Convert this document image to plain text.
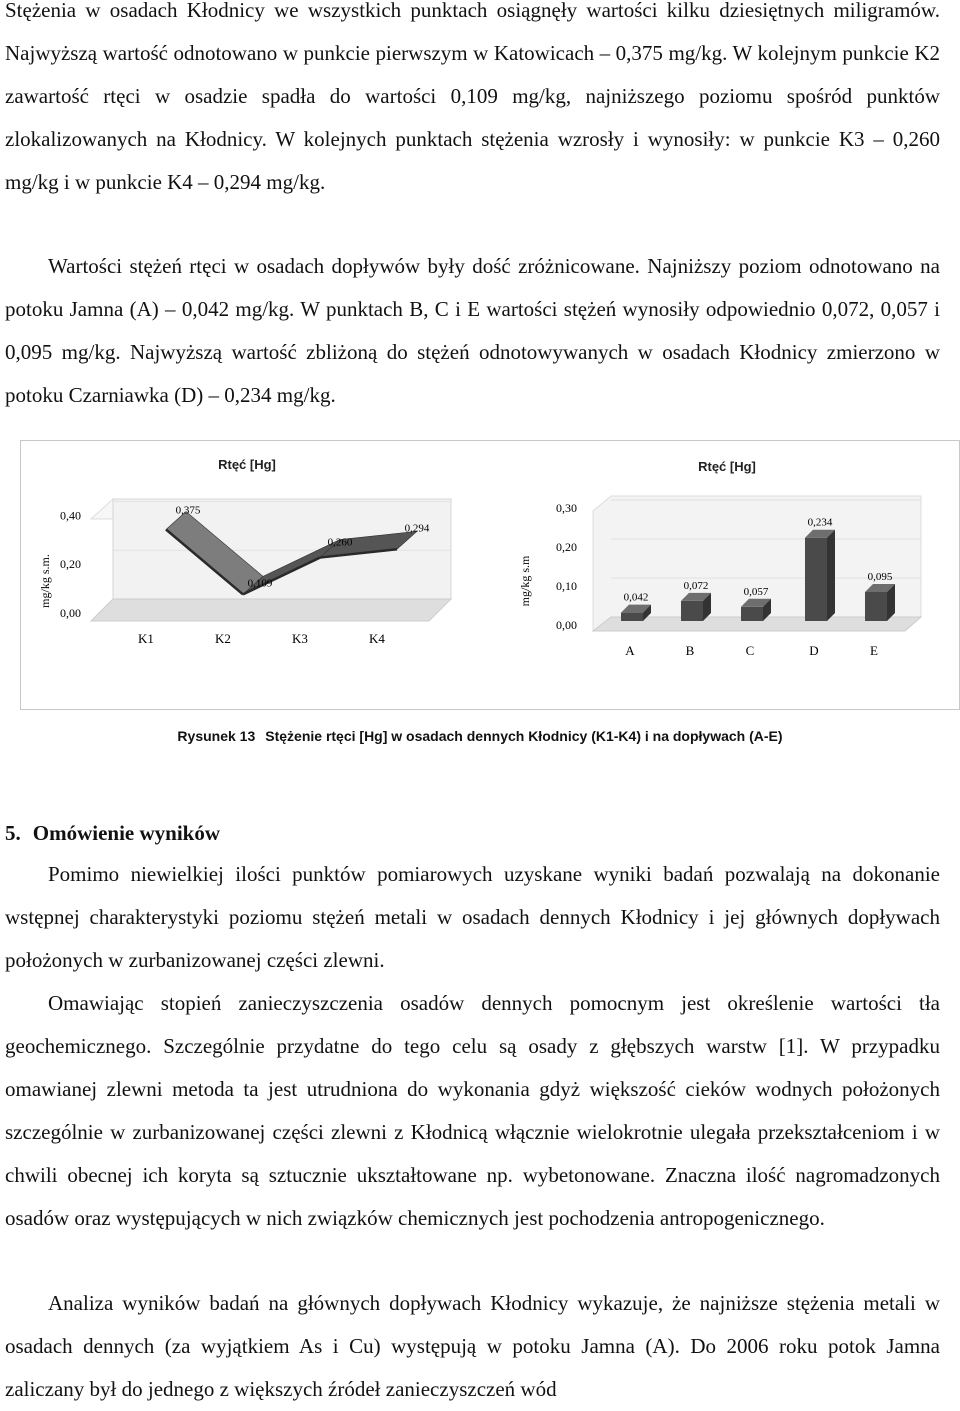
Stężenia w osadach Kłodnicy we wszystkich punktach osiągnęły wartości kilku dziesiętnych miligramów. Najwyższą wartość odnotowano w punkcie pierwszym w Katowicach – 0,375 mg/kg. W kolejnym punkcie K2 zawartość rtęci w osadzie spadła do wartości 0,109 mg/kg, najniższego poziomu spośród punktów zlokalizowanych na Kłodnicy. W kolejnych punktach stężenia wzrosły i wynosiły: w punkcie K3 – 0,260 mg/kg i w punkcie K4 – 0,294 mg/kg.
Wartości stężeń rtęci w osadach dopływów były dość zróżnicowane. Najniższy poziom odnotowano na potoku Jamna (A) – 0,042 mg/kg. W punktach B, C i E wartości stężeń wynosiły odpowiednio 0,072, 0,057 i 0,095 mg/kg. Najwyższą wartość zbliżoną do stężeń odnotowywanych w osadach Kłodnicy zmierzono w potoku Czarniawka (D) – 0,234 mg/kg.
Rtęć [Hg]
mg/kg s.m.
0,375
0,109
0,260
0,294
0,00
0,20
0,40
K1	K2	K3	K4
Rtęć [Hg]
mg/kg s.m	0,042
0,072	0,057
0,234
0,095
0,00
0,10
0,20
0,30
A	B	C	D	E
Rysunek 13 Stężenie rtęci [Hg] w osadach dennych Kłodnicy (K1-K4) i na dopływach (A-E)
5. Omówienie wyników
Pomimo niewielkiej ilości punktów pomiarowych uzyskane wyniki badań pozwalają na dokonanie wstępnej charakterystyki poziomu stężeń metali w osadach dennych Kłodnicy i jej głównych dopływach położonych w zurbanizowanej części zlewni.
Omawiając stopień zanieczyszczenia osadów dennych pomocnym jest określenie wartości tła geochemicznego. Szczególnie przydatne do tego celu są osady z głębszych warstw [1]. W przypadku omawianej zlewni metoda ta jest utrudniona do wykonania gdyż większość cieków wodnych położonych szczególnie w zurbanizowanej części zlewni z Kłodnicą włącznie wielokrotnie ulegała przekształceniom i w chwili obecnej ich koryta są sztucznie ukształtowane np. wybetonowane. Znaczna ilość nagromadzonych osadów oraz występujących w nich związków chemicznych jest pochodzenia antropogenicznego.
Analiza wyników badań na głównych dopływach Kłodnicy wykazuje, że najniższe stężenia metali w osadach dennych (za wyjątkiem As i Cu) występują w potoku Jamna (A). Do 2006 roku potok Jamna zaliczany był do jednego z większych źródeł zanieczyszczeń wód
